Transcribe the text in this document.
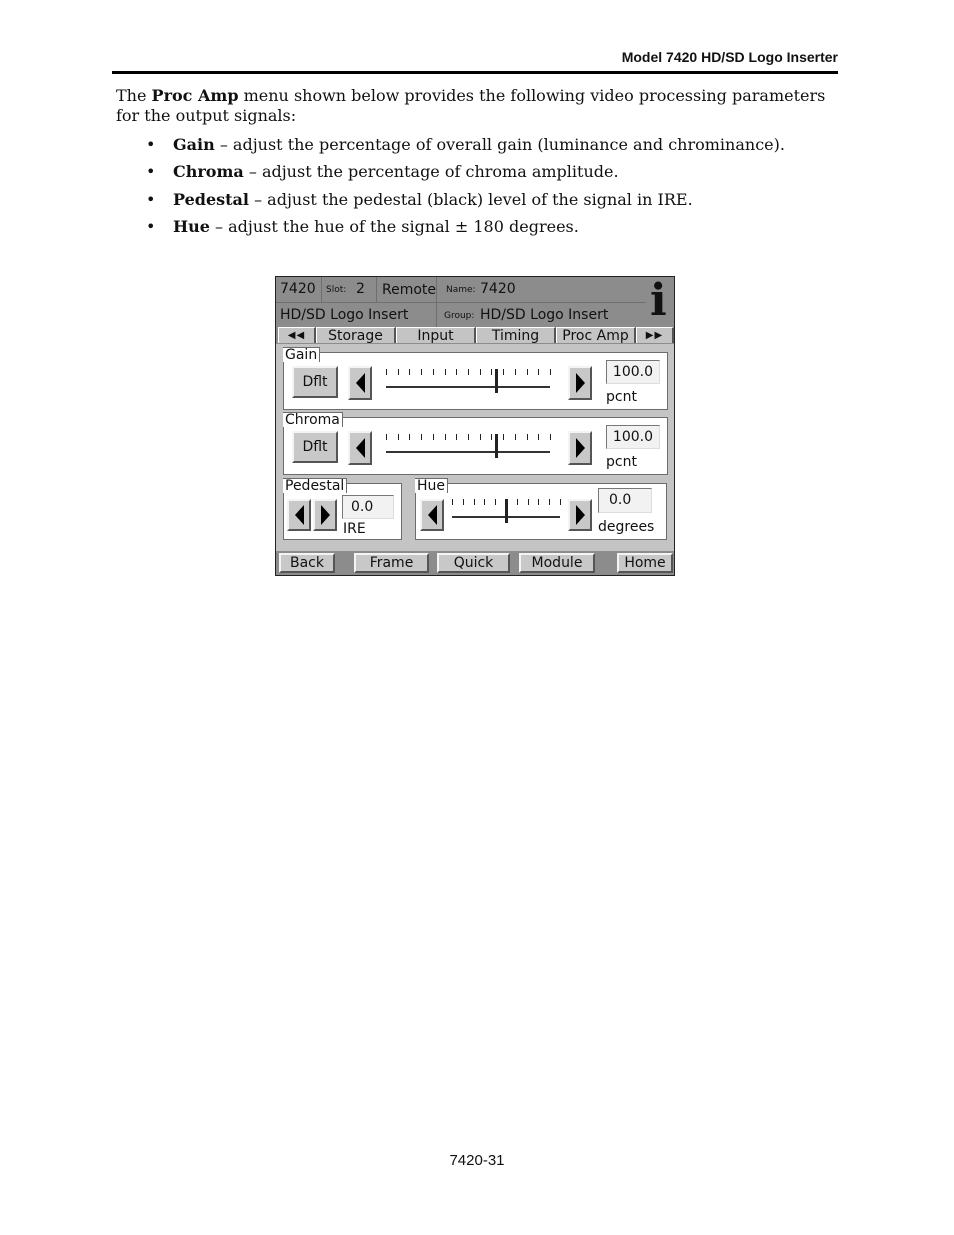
Model 7420 HD/SD Logo Inserter

The Proc Amp menu shown below provides the following video processing parameters for the output signals:

• Gain – adjust the percentage of overall gain (luminance and chrominance).
• Chroma – adjust the percentage of chroma amplitude.
• Pedestal – adjust the pedestal (black) level of the signal in IRE.
• Hue – adjust the hue of the signal ± 180 degrees.
7420 Slot: 2 Remote Name: 7420
HD/SD Logo Insert	Group: HD/SD Logo Insert i
◀◀	Storage	Input	Timing	Proc Amp	▶▶
Gain
Dflt
100.0
pcnt
Chroma
Dflt
100.0
pcnt
Pedestal
0.0
IRE
Hue
0.0
degrees
Back	Frame	Quick	Module	Home
7420-31
